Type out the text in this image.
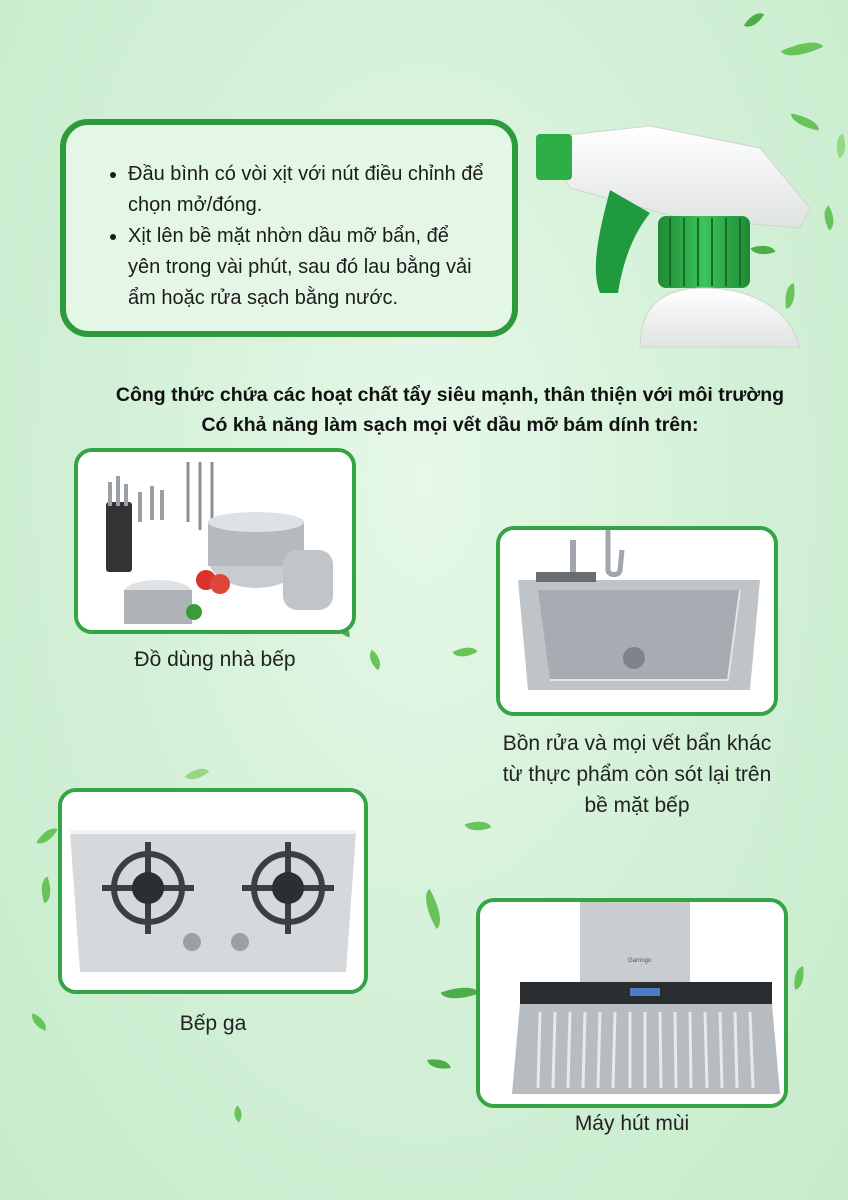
• Đầu bình có vòi xịt với nút điều chỉnh để chọn mở/đóng.
• Xịt lên bề mặt nhờn dầu mỡ bẩn, để yên trong vài phút, sau đó lau bằng vải ẩm hoặc rửa sạch bằng nước.
Công thức chứa các hoạt chất tẩy siêu mạnh, thân thiện với môi trường
Có khả năng làm sạch mọi vết dầu mỡ bám dính trên:
Đồ dùng nhà bếp
Bồn rửa và mọi vết bẩn khác
từ thực phẩm còn sót lại trên
bề mặt bếp
Bếp ga
Garringo
Máy hút mùi
